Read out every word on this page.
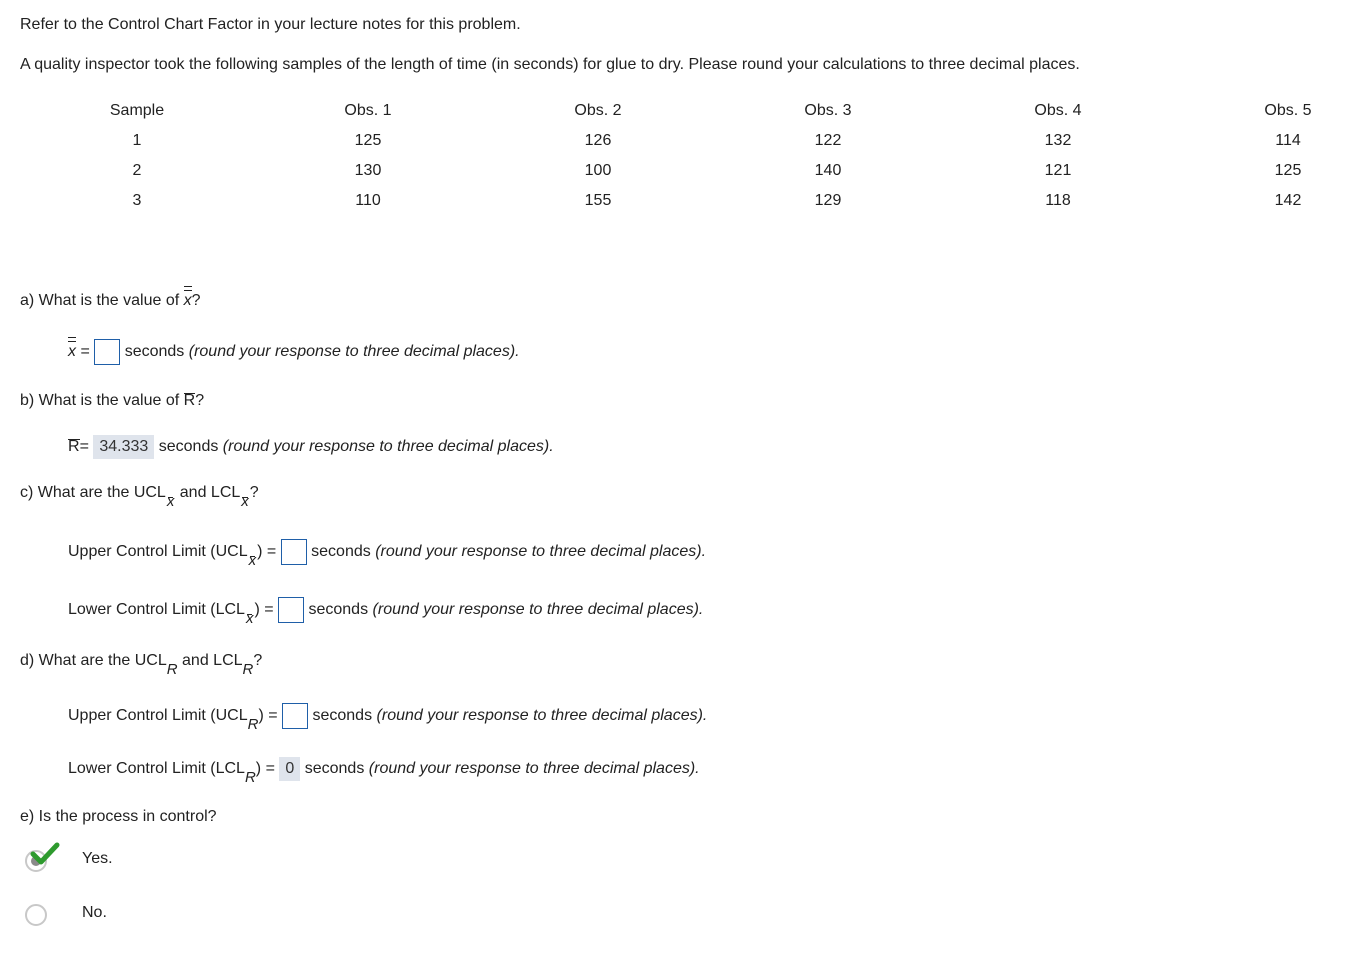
Refer to the Control Chart Factor in your lecture notes for this problem.
A quality inspector took the following samples of the length of time (in seconds) for glue to dry. Please round your calculations to three decimal places.
Sample	Obs. 1	Obs. 2	Obs. 3	Obs. 4	Obs. 5
1	125	126	122	132	114
2	130	100	140	121	125
3	110	155	129	118	142
a) What is the value of
x?
x = seconds (round your response to three decimal places).
b) What is the value of
R?
R= 34.333 seconds (round your response to three decimal places).
c) What are the UCL
x and LCL
x?
Upper Control Limit (UCL
x) = seconds (round your response to three decimal places).
Lower Control Limit (LCL
x) = seconds (round your response to three decimal places).
d) What are the UCLR and LCLR?
Upper Control Limit (UCLR) = seconds (round your response to three decimal places).
Lower Control Limit (LCLR) = 0 seconds (round your response to three decimal places).
e) Is the process in control?
Yes.
No.
